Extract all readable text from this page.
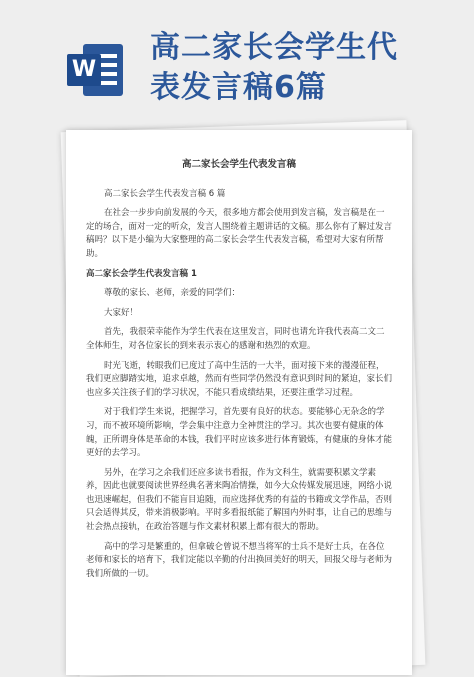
W
高二家长会学生代
表发言稿6篇
高二家长会学生代表发言稿
高二家长会学生代表发言稿 6 篇

在社会一步步向前发展的今天，很多地方都会使用到发言稿，发言稿是在一定的场合，面对一定的听众，发言人围绕着主题讲话的文稿。那么你有了解过发言稿吗？以下是小编为大家整理的高二家长会学生代表发言稿，希望对大家有所帮助。

高二家长会学生代表发言稿 1
尊敬的家长、老师，亲爱的同学们：
大家好！

首先，我很荣幸能作为学生代表在这里发言，同时也请允许我代表高二文二全体师生，对各位家长的到来表示衷心的感谢和热烈的欢迎。

时光飞逝，转眼我们已度过了高中生活的一大半，面对接下来的漫漫征程，我们更应脚踏实地，追求卓越，然而有些同学仍然没有意识到时间的紧迫，家长们也应多关注孩子们的学习状况，不能只看成绩结果，还要注重学习过程。

对于我们学生来说，把握学习，首先要有良好的状态。要能够心无杂念的学习，而不被环境所影响，学会集中注意力全神贯注的学习。其次也要有健康的体魄，正所谓身体是革命的本钱，我们平时应该多进行体育锻炼，有健康的身体才能更好的去学习。

另外，在学习之余我们还应多读书看报，作为文科生，就需要积累文学素养，因此也就要阅读世界经典名著来陶冶情操，如今大众传媒发展迅速，网络小说也迅速崛起，但我们不能盲目追随，而应选择优秀的有益的书籍或文学作品，否则只会适得其反，带来消极影响。平时多看报纸能了解国内外时事，让自己的思维与社会热点接轨，在政治答题与作文素材积累上都有很大的帮助。

高中的学习是繁重的，但拿破仑曾说不想当将军的士兵不是好士兵，在各位老师和家长的培育下，我们定能以辛勤的付出换回美好的明天，回报父母与老师为我们所做的一切。
